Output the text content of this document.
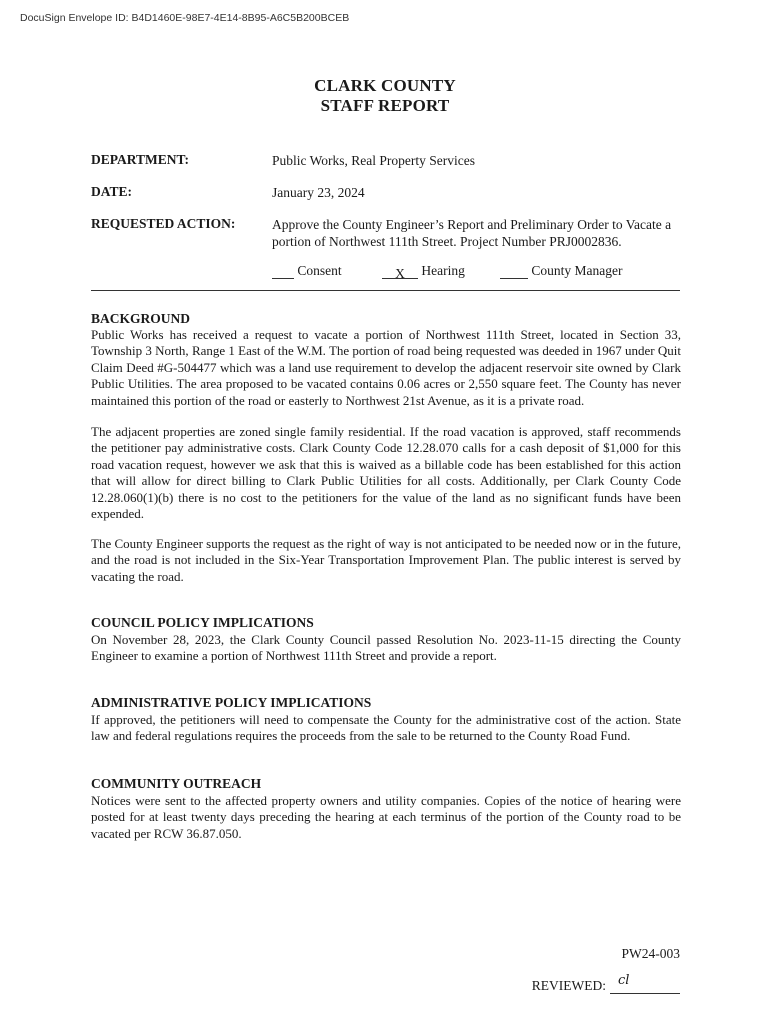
DocuSign Envelope ID: B4D1460E-98E7-4E14-8B95-A6C5B200BCEB
CLARK COUNTY
STAFF REPORT
DEPARTMENT:	Public Works, Real Property Services
DATE:	January 23, 2024
REQUESTED ACTION:	Approve the County Engineer’s Report and Preliminary Order to Vacate a portion of Northwest 111th Street. Project Number PRJ0002836.
Consent	X Hearing	County Manager
BACKGROUND
Public Works has received a request to vacate a portion of Northwest 111th Street, located in Section 33, Township 3 North, Range 1 East of the W.M. The portion of road being requested was deeded in 1967 under Quit Claim Deed #G-504477 which was a land use requirement to develop the adjacent reservoir site owned by Clark Public Utilities. The area proposed to be vacated contains 0.06 acres or 2,550 square feet. The County has never maintained this portion of the road or easterly to Northwest 21st Avenue, as it is a private road.
The adjacent properties are zoned single family residential. If the road vacation is approved, staff recommends the petitioner pay administrative costs. Clark County Code 12.28.070 calls for a cash deposit of $1,000 for this road vacation request, however we ask that this is waived as a billable code has been established for this action that will allow for direct billing to Clark Public Utilities for all costs. Additionally, per Clark County Code 12.28.060(1)(b) there is no cost to the petitioners for the value of the land as no significant funds have been expended.
The County Engineer supports the request as the right of way is not anticipated to be needed now or in the future, and the road is not included in the Six-Year Transportation Improvement Plan. The public interest is served by vacating the road.
COUNCIL POLICY IMPLICATIONS
On November 28, 2023, the Clark County Council passed Resolution No. 2023-11-15 directing the County Engineer to examine a portion of Northwest 111th Street and provide a report.
ADMINISTRATIVE POLICY IMPLICATIONS
If approved, the petitioners will need to compensate the County for the administrative cost of the action. State law and federal regulations requires the proceeds from the sale to be returned to the County Road Fund.
COMMUNITY OUTREACH
Notices were sent to the affected property owners and utility companies. Copies of the notice of hearing were posted for at least twenty days preceding the hearing at each terminus of the portion of the County road to be vacated per RCW 36.87.050.
PW24-003
REVIEWED: cl
